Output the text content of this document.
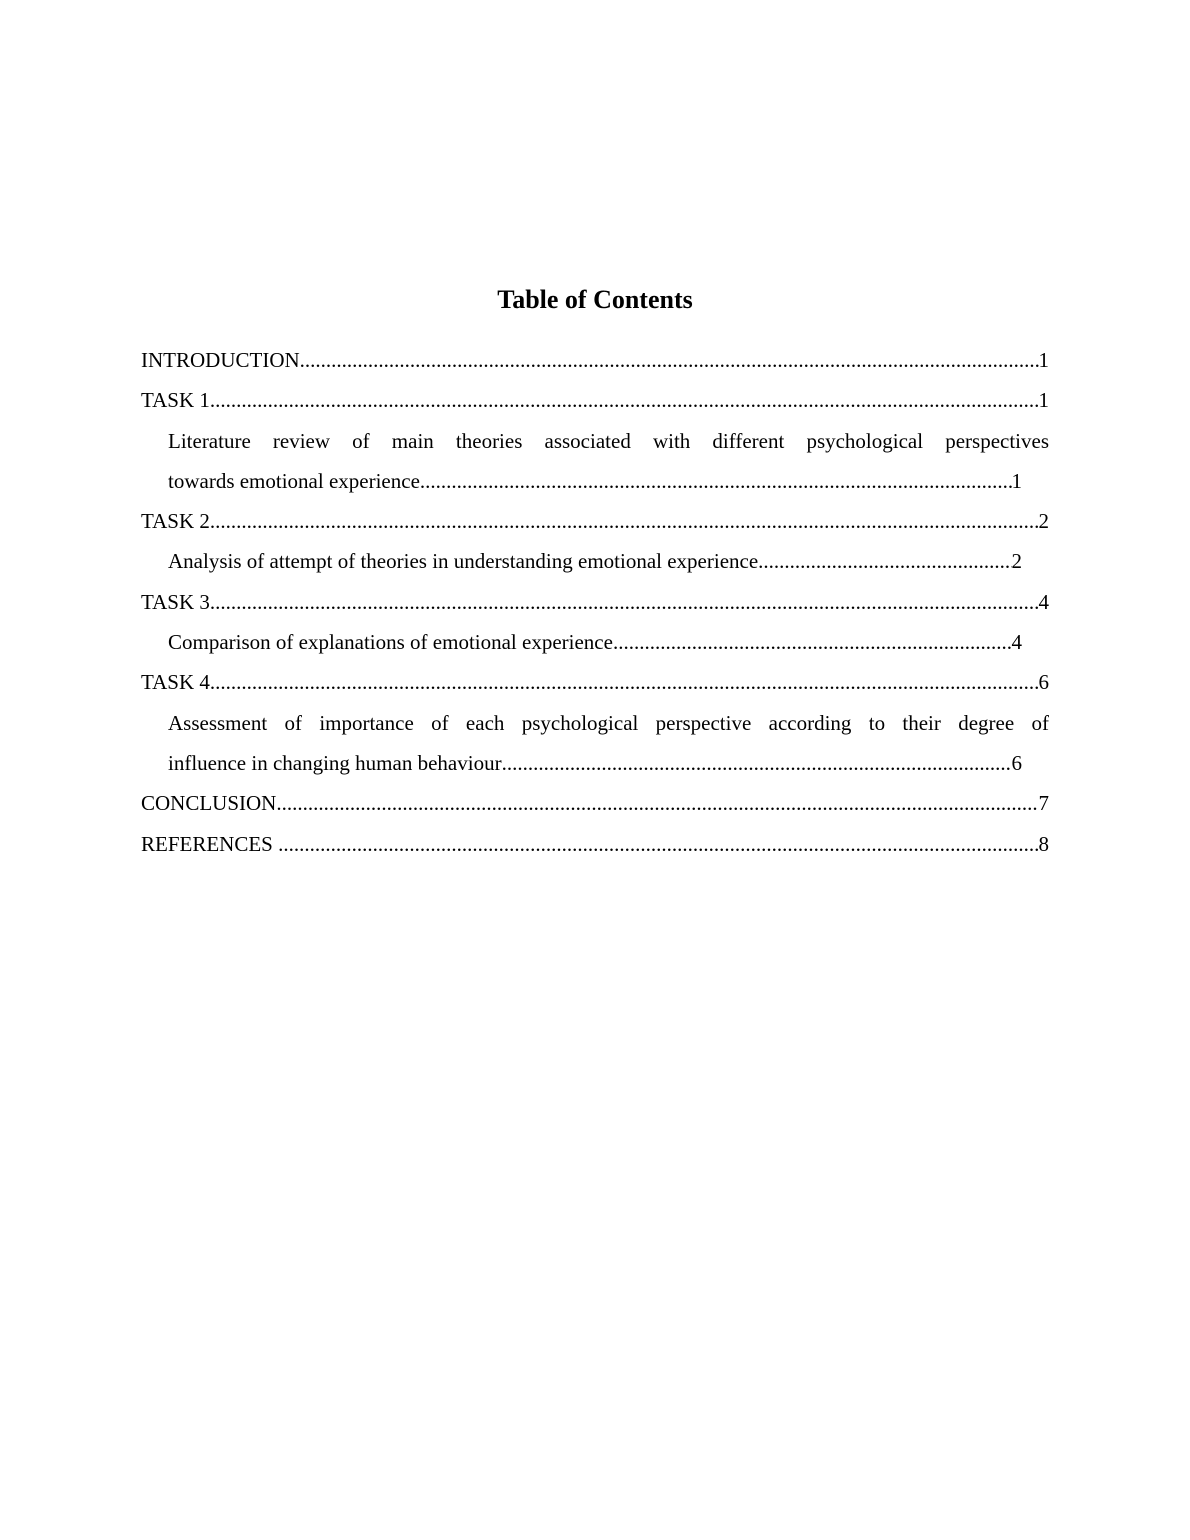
Table of Contents
INTRODUCTION .....	1
TASK 1 .....	1
Literature review of main theories associated with different psychological perspectives
towards emotional experience .....	1
TASK 2 .....	2
Analysis of attempt of theories in understanding emotional experience .....	2
TASK 3 .....	4
Comparison of explanations of emotional experience .....	4
TASK 4 .....	6
Assessment of importance of each psychological perspective according to their degree of
influence in changing human behaviour .....	6
CONCLUSION .....	7
REFERENCES .....	8
